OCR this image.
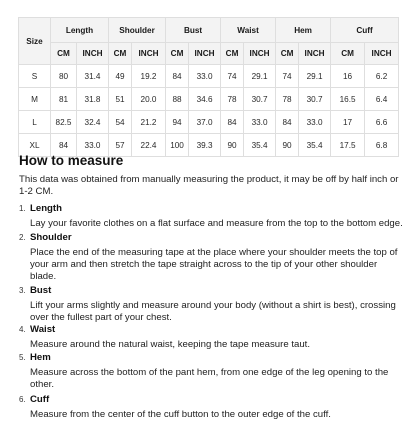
Size	Length		Shoulder		Bust		Waist		Hem		Cuff	
	CM	INCH	CM	INCH	CM	INCH	CM	INCH	CM	INCH	CM	INCH
S	80	31.4	49	19.2	84	33.0	74	29.1	74	29.1	16	6.2
M	81	31.8	51	20.0	88	34.6	78	30.7	78	30.7	16.5	6.4
L	82.5	32.4	54	21.2	94	37.0	84	33.0	84	33.0	17	6.6
XL	84	33.0	57	22.4	100	39.3	90	35.4	90	35.4	17.5	6.8
How to measure

This data was obtained from manually measuring the product, it may be off by half inch or 1-2 CM.

1. Length
Lay your favorite clothes on a flat surface and measure from the top to the bottom edge.
2. Shoulder
Place the end of the measuring tape at the place where your shoulder meets the top of your arm and then stretch the tape straight across to the tip of your other shoulder blade.
3. Bust
Lift your arms slightly and measure around your body (without a shirt is best), crossing over the fullest part of your chest.
4. Waist
Measure around the natural waist, keeping the tape measure taut.
5. Hem
Measure across the bottom of the pant hem, from one edge of the leg opening to the other.
6. Cuff
Measure from the center of the cuff button to the outer edge of the cuff.
